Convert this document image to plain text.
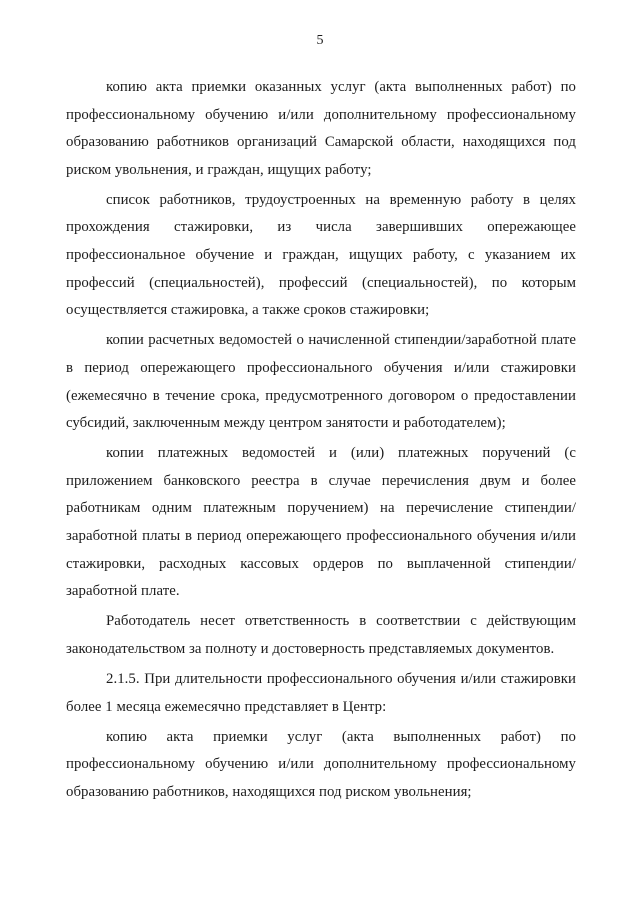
5

копию акта приемки оказанных услуг (акта выполненных работ) по профессиональному обучению и/или дополнительному профессиональному образованию работников организаций Самарской области, находящихся под риском увольнения, и граждан, ищущих работу;

список работников, трудоустроенных на временную работу в целях прохождения стажировки, из числа завершивших опережающее профессиональное обучение и граждан, ищущих работу, с указанием их профессий (специальностей), профессий (специальностей), по которым осуществляется стажировка, а также сроков стажировки;

копии расчетных ведомостей о начисленной стипендии/заработной плате в период опережающего профессионального обучения и/или стажировки (ежемесячно в течение срока, предусмотренного договором о предоставлении субсидий, заключенным между центром занятости и работодателем);

копии платежных ведомостей и (или) платежных поручений (с приложением банковского реестра в случае перечисления двум и более работникам одним платежным поручением) на перечисление стипендии/заработной платы в период опережающего профессионального обучения и/или стажировки, расходных кассовых ордеров по выплаченной стипендии/заработной плате.

Работодатель несет ответственность в соответствии с действующим законодательством за полноту и достоверность представляемых документов.

2.1.5. При длительности профессионального обучения и/или стажировки более 1 месяца ежемесячно представляет в Центр:

копию акта приемки услуг (акта выполненных работ) по профессиональному обучению и/или дополнительному профессиональному образованию работников, находящихся под риском увольнения;
